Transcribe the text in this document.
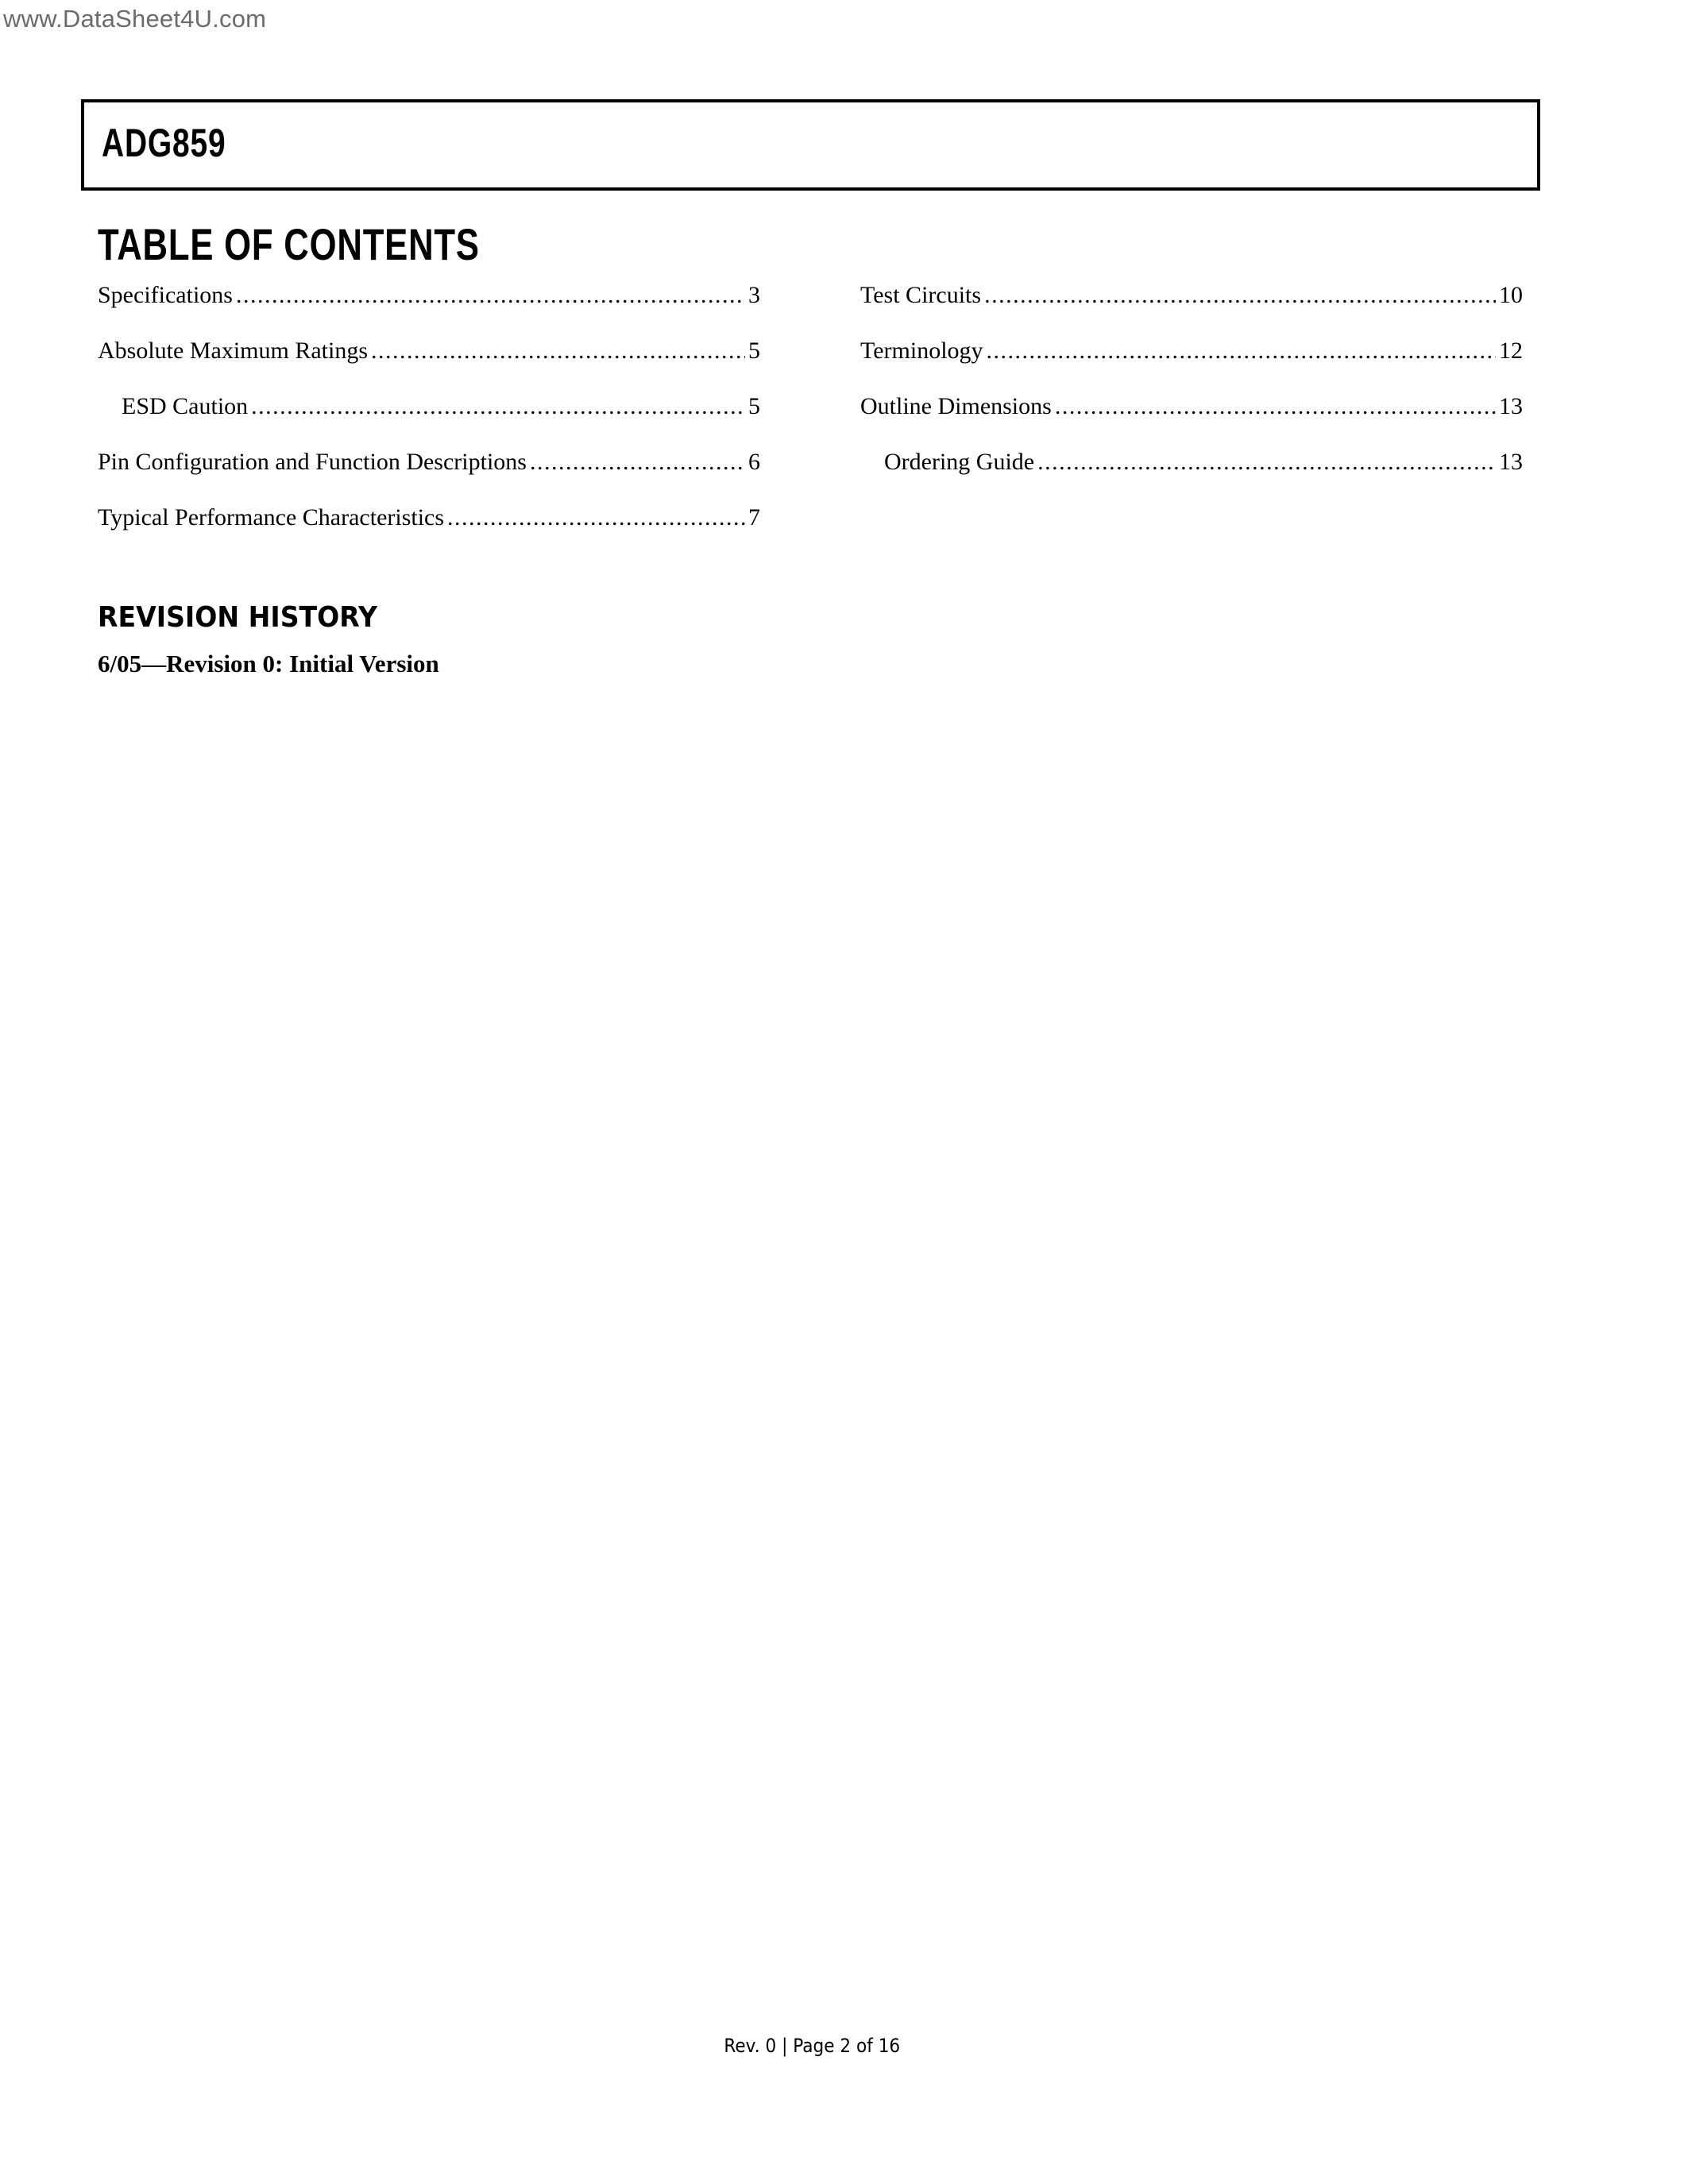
www.DataSheet4U.com
ADG859
TABLE OF CONTENTS
Specifications .....	3
Absolute Maximum Ratings .....	5
ESD Caution .....	5
Pin Configuration and Function Descriptions .....	6
Typical Performance Characteristics .....	7
Test Circuits .....	10
Terminology .....	12
Outline Dimensions .....	13
Ordering Guide .....	13
REVISION HISTORY
6/05—Revision 0: Initial Version
Rev. 0 | Page 2 of 16
